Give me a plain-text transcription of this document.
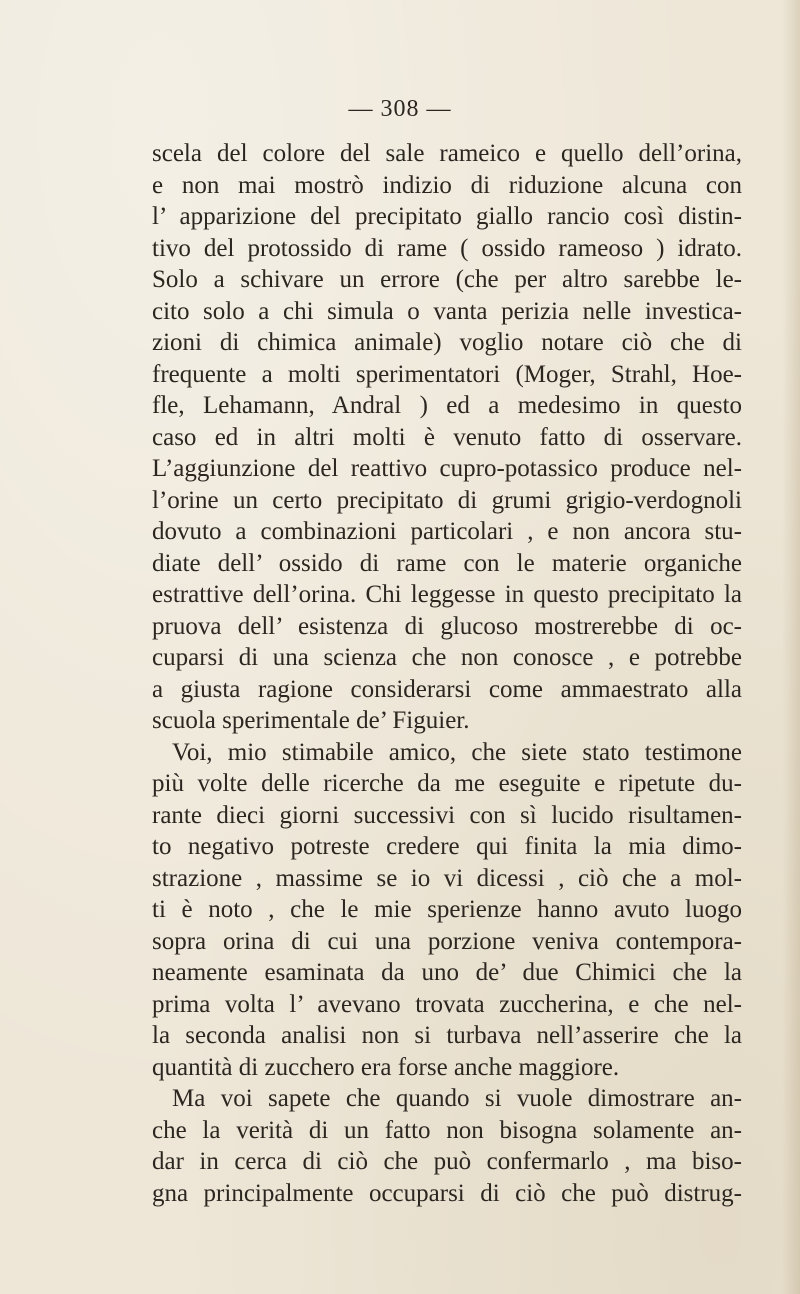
— 308 —
scela del colore del sale rameico e quello dell’orina,
e non mai mostrò indizio di riduzione alcuna con
l’ apparizione del precipitato giallo rancio così distin-
tivo del protossido di rame ( ossido rameoso ) idrato.
Solo a schivare un errore (che per altro sarebbe le-
cito solo a chi simula o vanta perizia nelle investica-
zioni di chimica animale) voglio notare ciò che di
frequente a molti sperimentatori (Moger, Strahl, Hoe-
fle, Lehamann, Andral ) ed a medesimo in questo
caso ed in altri molti è venuto fatto di osservare.
L’aggiunzione del reattivo cupro-potassico produce nel-
l’orine un certo precipitato di grumi grigio-verdognoli
dovuto a combinazioni particolari , e non ancora stu-
diate dell’ ossido di rame con le materie organiche
estrattive dell’orina. Chi leggesse in questo precipitato la
pruova dell’ esistenza di glucoso mostrerebbe di oc-
cuparsi di una scienza che non conosce , e potrebbe
a giusta ragione considerarsi come ammaestrato alla
scuola sperimentale de’ Figuier.
Voi, mio stimabile amico, che siete stato testimone
più volte delle ricerche da me eseguite e ripetute du-
rante dieci giorni successivi con sì lucido risultamen-
to negativo potreste credere qui finita la mia dimo-
strazione , massime se io vi dicessi , ciò che a mol-
ti è noto , che le mie sperienze hanno avuto luogo
sopra orina di cui una porzione veniva contempora-
neamente esaminata da uno de’ due Chimici che la
prima volta l’ avevano trovata zuccherina, e che nel-
la seconda analisi non si turbava nell’asserire che la
quantità di zucchero era forse anche maggiore.
Ma voi sapete che quando si vuole dimostrare an-
che la verità di un fatto non bisogna solamente an-
dar in cerca di ciò che può confermarlo , ma biso-
gna principalmente occuparsi di ciò che può distrug-
